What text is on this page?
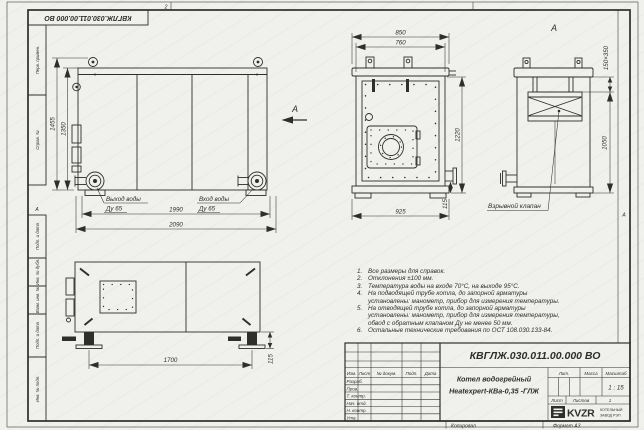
2
А
А
Копировал	Формат А3
КВГЛЖ.030.011.00.000 ВО
Перв. примен.
Справ. №
Подп. и дата
Инв. № дубл.
Взам. инв. №
Подп. и дата
Инв. № подл.
1455 1350
1990
2090
Выход воды
Ду 65
Вход воды
Ду 65
А
850
760
1220
115
925
А
150×350
1050
Взрывной клапан
1700	115	КВГЛЖ.030.011.00.000 ВО
Котел водогрейный
Heatexpert-КВа-0,35 -ГЛЖ
Изм. Лист № докум. Подп. Дата
Разраб.
Пров.
Т. контр.
Нач. отд.
Н. контр.
Утв.
Лит.	Масса Масштаб
1 : 15
Лист Листов	1
KVZR КОТЕЛЬНЫЙ
ЗАВОД РЭП
1. Все размеры для справок.
2. Отклонения ±100 мм.
3. Температура воды на входе 70°С, на выходе 95°С.
4. На подводящей трубе котла, до запорной арматуры установлены: манометр, прибор для измерения температуры.
5. На отводящей трубе котла, до запорной арматуры установлены: манометр, прибор для измерения температуры, обвод с обратным клапаном Ду не менее 50 мм.
6. Остальные технические требования по ОСТ 108.030.133-84.
